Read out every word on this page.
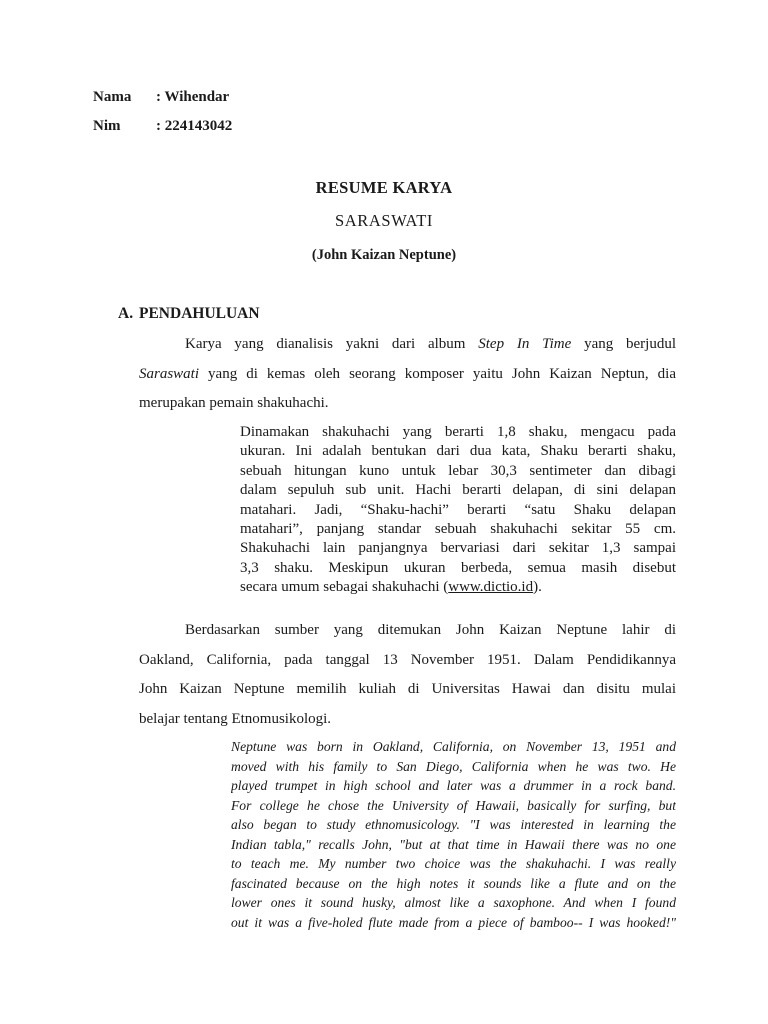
Nama : Wihendar
Nim : 224143042
RESUME KARYA
SARASWATI
(John Kaizan Neptune)
A. PENDAHULUAN
Karya yang dianalisis yakni dari album Step In Time yang berjudul
Saraswati yang di kemas oleh seorang komposer yaitu John Kaizan Neptun, dia
merupakan pemain shakuhachi.
Dinamakan shakuhachi yang berarti 1,8 shaku, mengacu pada
ukuran. Ini adalah bentukan dari dua kata, Shaku berarti shaku,
sebuah hitungan kuno untuk lebar 30,3 sentimeter dan dibagi
dalam sepuluh sub unit. Hachi berarti delapan, di sini delapan
matahari. Jadi, “Shaku-hachi” berarti “satu Shaku delapan
matahari”, panjang standar sebuah shakuhachi sekitar 55 cm.
Shakuhachi lain panjangnya bervariasi dari sekitar 1,3 sampai
3,3 shaku. Meskipun ukuran berbeda, semua masih disebut
secara umum sebagai shakuhachi (www.dictio.id).
Berdasarkan sumber yang ditemukan John Kaizan Neptune lahir di
Oakland, California, pada tanggal 13 November 1951. Dalam Pendidikannya
John Kaizan Neptune memilih kuliah di Universitas Hawai dan disitu mulai
belajar tentang Etnomusikologi.
Neptune was born in Oakland, California, on November 13, 1951 and
moved with his family to San Diego, California when he was two. He
played trumpet in high school and later was a drummer in a rock band.
For college he chose the University of Hawaii, basically for surfing, but
also began to study ethnomusicology. "I was interested in learning the
Indian tabla," recalls John, "but at that time in Hawaii there was no one
to teach me. My number two choice was the shakuhachi. I was really
fascinated because on the high notes it sounds like a flute and on the
lower ones it sound husky, almost like a saxophone. And when I found
out it was a five-holed flute made from a piece of bamboo-- I was hooked!"
